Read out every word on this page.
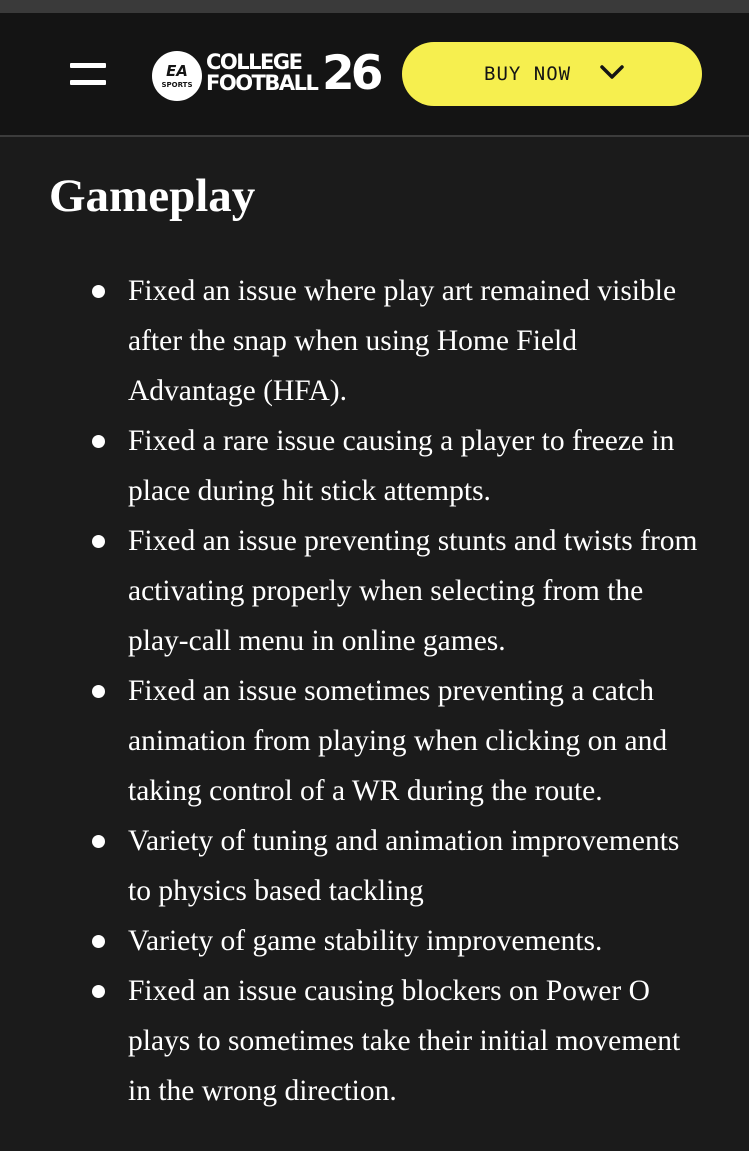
EA
SPORTS
COLLEGE
FOOTBALL 26	BUY NOW
Gameplay
Fixed an issue where play art remained visible after the snap when using Home Field Advantage (HFA).
Fixed a rare issue causing a player to freeze in place during hit stick attempts.
Fixed an issue preventing stunts and twists from activating properly when selecting from the play-call menu in online games.
Fixed an issue sometimes preventing a catch animation from playing when clicking on and taking control of a WR during the route.
Variety of tuning and animation improvements to physics based tackling
Variety of game stability improvements.
Fixed an issue causing blockers on Power O plays to sometimes take their initial movement in the wrong direction.
